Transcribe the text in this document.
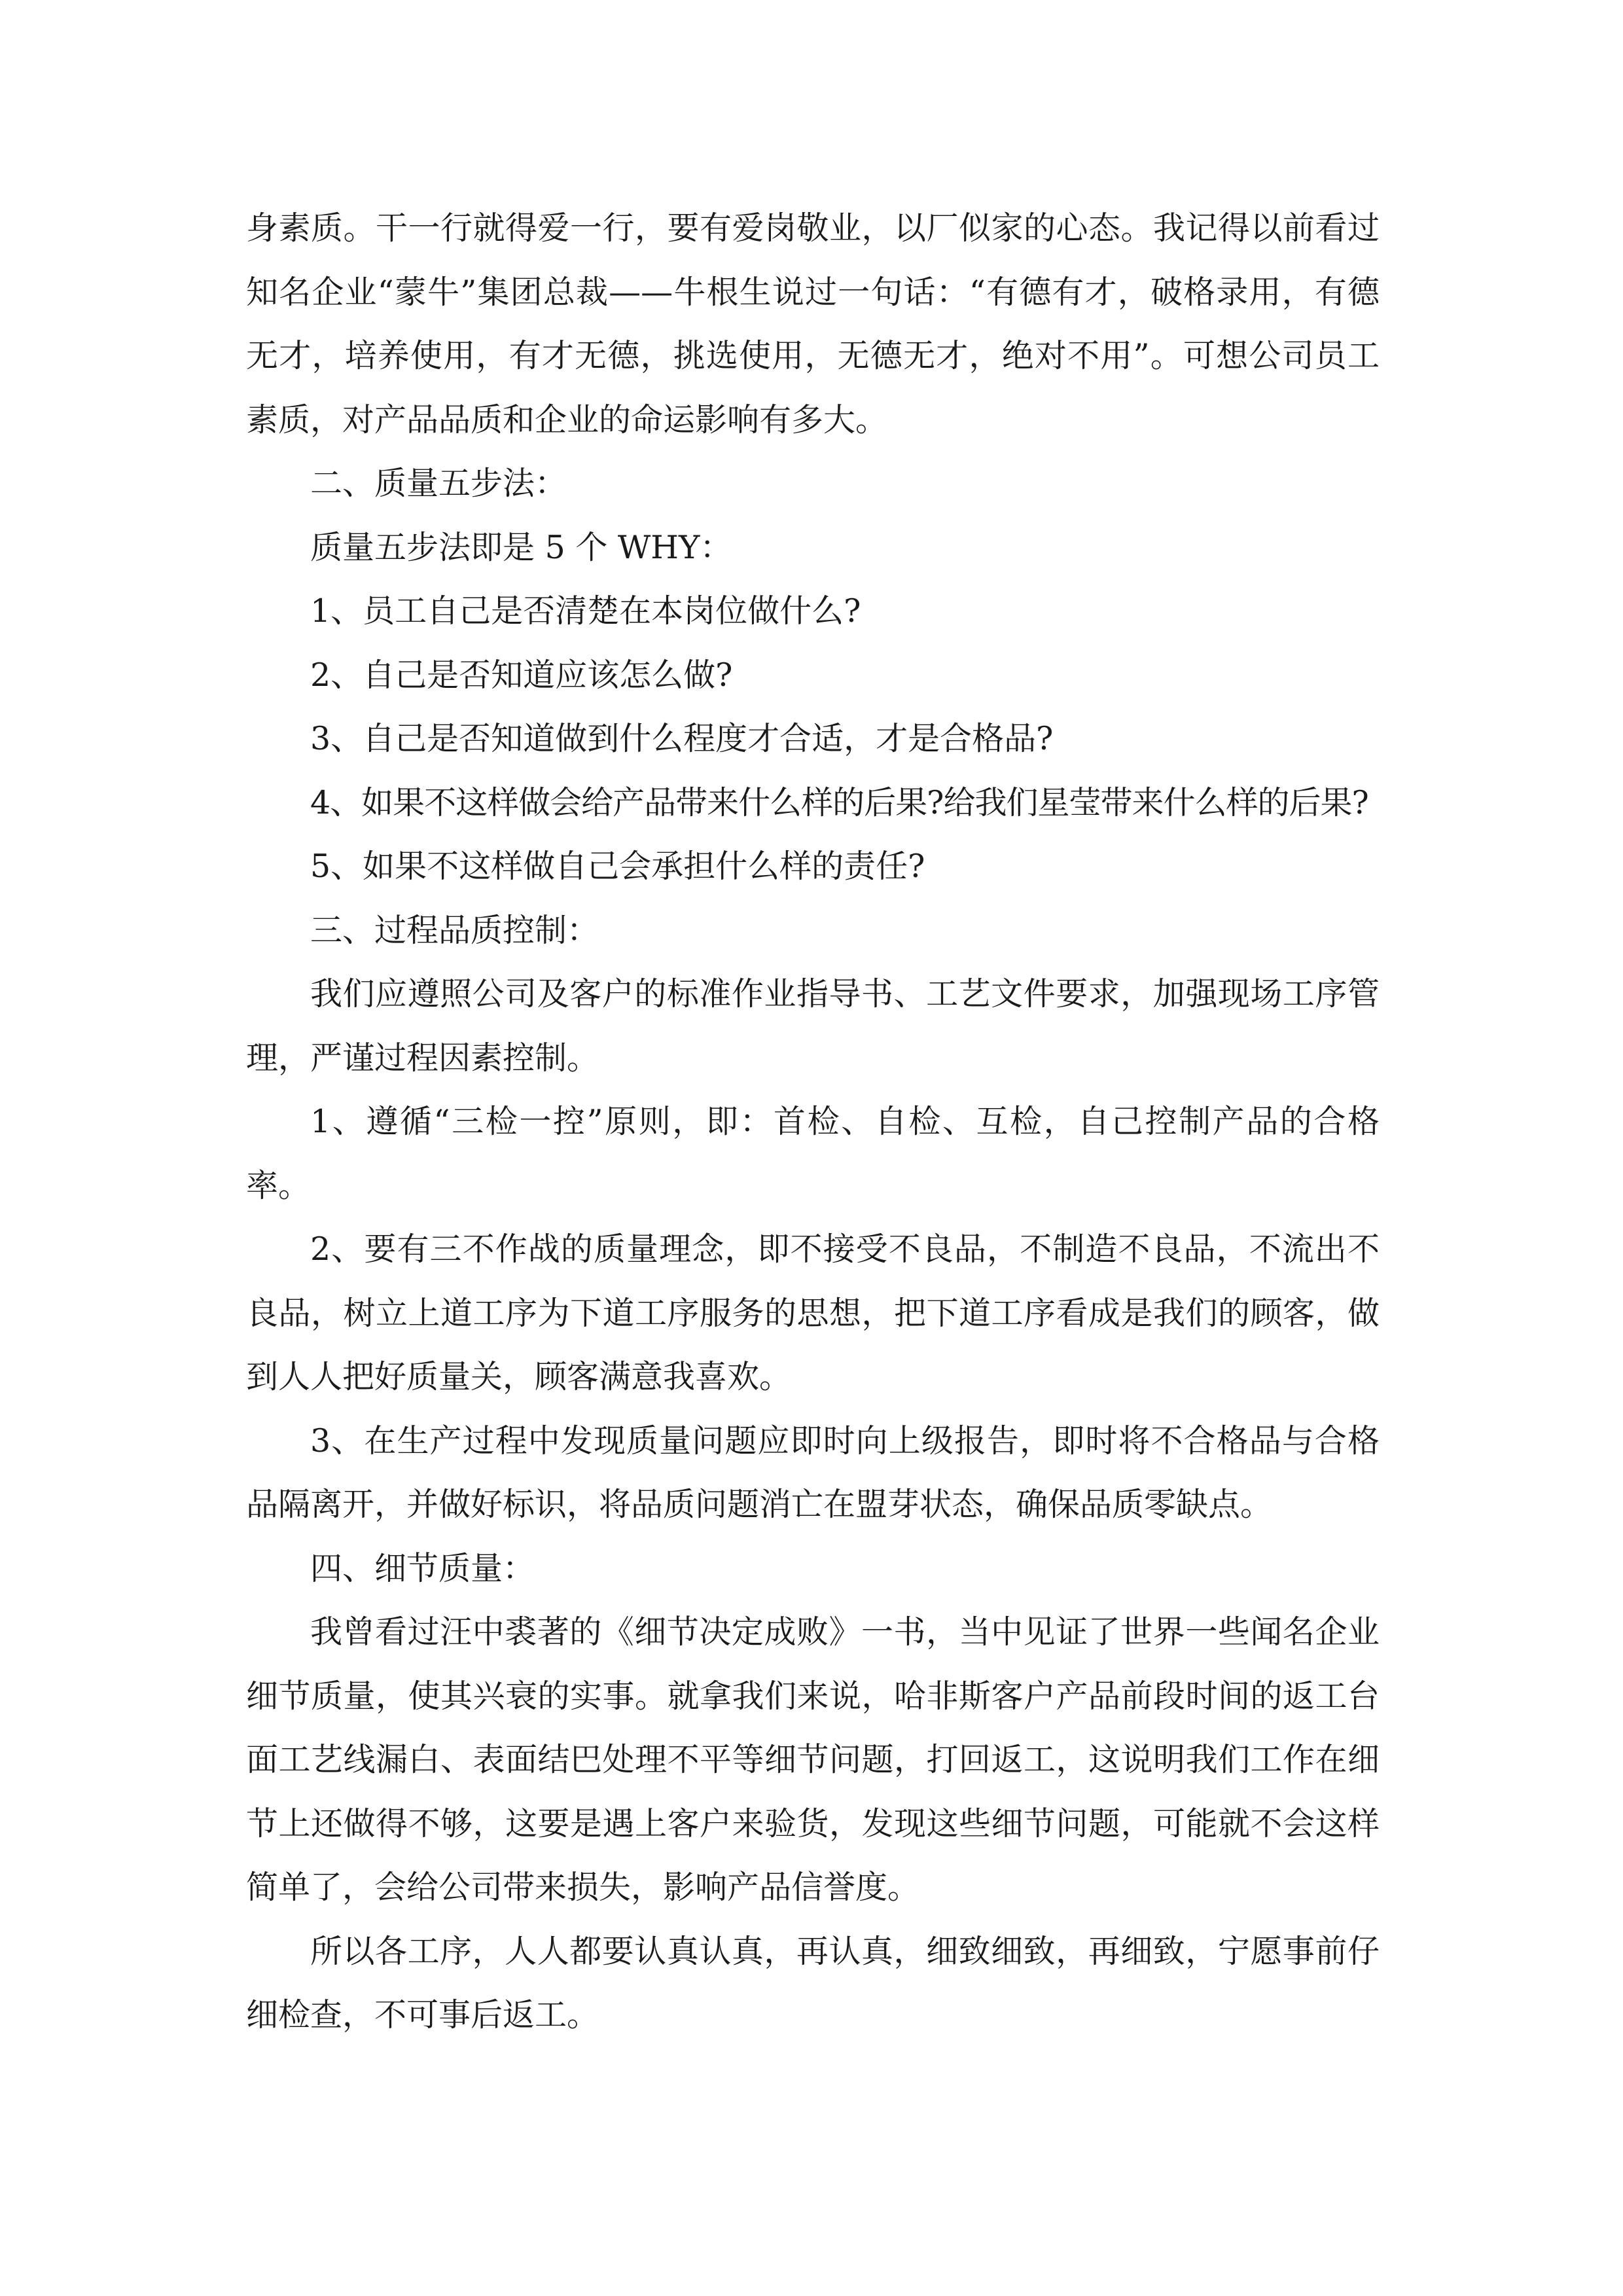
身素质。干一行就得爱一行，要有爱岗敬业，以厂似家的心态。我记得以前看过知名企业“蒙牛”集团总裁——牛根生说过一句话：“有德有才，破格录用，有德无才，培养使用，有才无德，挑选使用，无德无才，绝对不用”。可想公司员工素质，对产品品质和企业的命运影响有多大。

二、质量五步法：

质量五步法即是 5 个 WHY：

1、员工自己是否清楚在本岗位做什么?

2、自己是否知道应该怎么做?

3、自己是否知道做到什么程度才合适，才是合格品?

4、如果不这样做会给产品带来什么样的后果?给我们星莹带来什么样的后果?

5、如果不这样做自己会承担什么样的责任?

三、过程品质控制：

我们应遵照公司及客户的标准作业指导书、工艺文件要求，加强现场工序管理，严谨过程因素控制。

1、遵循“三检一控”原则，即：首检、自检、互检，自己控制产品的合格率。

2、要有三不作战的质量理念，即不接受不良品，不制造不良品，不流出不良品，树立上道工序为下道工序服务的思想，把下道工序看成是我们的顾客，做到人人把好质量关，顾客满意我喜欢。

3、在生产过程中发现质量问题应即时向上级报告，即时将不合格品与合格品隔离开，并做好标识，将品质问题消亡在盟芽状态，确保品质零缺点。

四、细节质量：

我曾看过汪中裘著的《细节决定成败》一书，当中见证了世界一些闻名企业细节质量，使其兴衰的实事。就拿我们来说，哈非斯客户产品前段时间的返工台面工艺线漏白、表面结巴处理不平等细节问题，打回返工，这说明我们工作在细节上还做得不够，这要是遇上客户来验货，发现这些细节问题，可能就不会这样简单了，会给公司带来损失，影响产品信誉度。

所以各工序，人人都要认真认真，再认真，细致细致，再细致，宁愿事前仔细检查，不可事后返工。
